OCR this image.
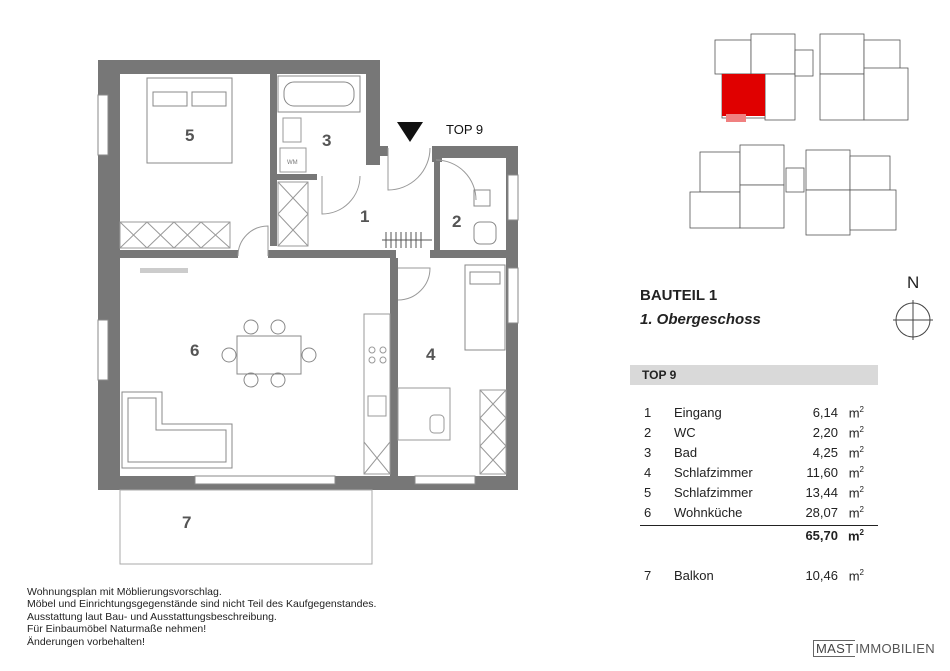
WM
5	3
1	2
6	4
7
TOP 9
BAUTEIL 1
1. Obergeschoss
N
TOP 9
1 Eingang	6,14 $m^2$
2 WC	2,20 $m^2$
3 Bad	4,25 $m^2$
4 Schlafzimmer	11,60 $m^2$
5 Schlafzimmer	13,44 $m^2$
6 Wohnküche	28,07 $m^2$
65,70 $m^2$
7 Balkon	10,46 $m^2$
Wohnungsplan mit Möblierungsvorschlag.
Möbel und Einrichtungsgegenstände sind nicht Teil des Kaufgegenstandes.
Ausstattung laut Bau- und Ausstattungsbeschreibung.
Für Einbaumöbel Naturmaße nehmen!
Änderungen vorbehalten!	MAST IMMOBILIEN
